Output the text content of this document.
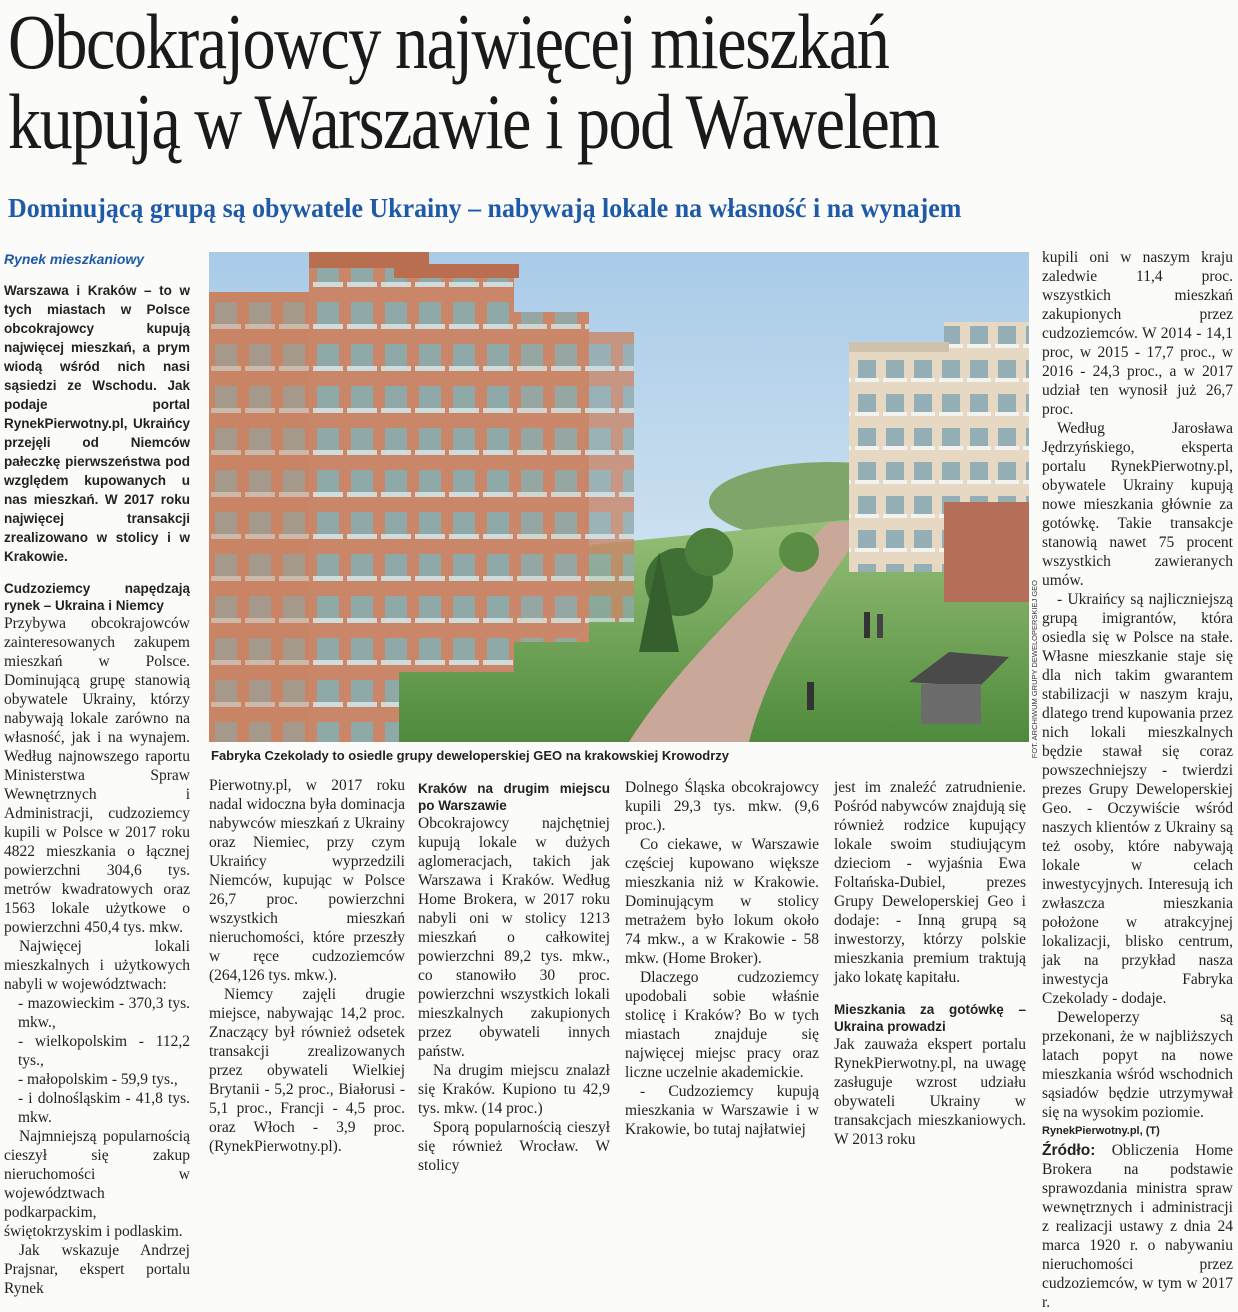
Obcokrajowcy najwięcej mieszkań
kupują w Warszawie i pod Wawelem
Dominującą grupą są obywatele Ukrainy – nabywają lokale na własność i na wynajem
Rynek mieszkaniowy

Warszawa i Kraków – to w tych miastach w Polsce obcokrajowcy kupują najwięcej mieszkań, a prym wiodą wśród nich nasi sąsiedzi ze Wschodu. Jak podaje portal RynekPierwotny.pl, Ukraińcy przejęli od Niemców pałeczkę pierwszeństwa pod względem kupowanych u nas mieszkań. W 2017 roku najwięcej transakcji zrealizowano w stolicy i w Krakowie.

Cudzoziemcy napędzają rynek – Ukraina i Niemcy

Przybywa obcokrajowców zainteresowanych zakupem mieszkań w Polsce. Dominującą grupę stanowią obywatele Ukrainy, którzy nabywają lokale zarówno na własność, jak i na wynajem. Według najnowszego raportu Ministerstwa Spraw Wewnętrznych i Administracji, cudzoziemcy kupili w Polsce w 2017 roku 4822 mieszkania o łącznej powierzchni 304,6 tys. metrów kwadratowych oraz 1563 lokale użytkowe o powierzchni 450,4 tys. mkw.

Najwięcej lokali mieszkalnych i użytkowych nabyli w województwach:

- mazowieckim - 370,3 tys. mkw.,

- wielkopolskim - 112,2 tys.,

- małopolskim - 59,9 tys.,

- i dolnośląskim - 41,8 tys. mkw.

Najmniejszą popularnością cieszył się zakup nieruchomości w województwach podkarpackim, świętokrzyskim i podlaskim.

Jak wskazuje Andrzej Prajsnar, ekspert portalu Rynek

FOT. ARCHIWUM GRUPY DEWELOPERSKIEJ GEO
Fabryka Czekolady to osiedle grupy deweloperskiej GEO na krakowskiej Krowodrzy

Pierwotny.pl, w 2017 roku nadal widoczna była dominacja nabywców mieszkań z Ukrainy oraz Niemiec, przy czym Ukraińcy wyprzedzili Niemców, kupując w Polsce 26,7 proc. powierzchni wszystkich mieszkań nieruchomości, które przeszły w ręce cudzoziemców (264,126 tys. mkw.).

Niemcy zajęli drugie miejsce, nabywając 14,2 proc. Znaczący był również odsetek transakcji zrealizowanych przez obywateli Wielkiej Brytanii - 5,2 proc., Białorusi - 5,1 proc., Francji - 4,5 proc. oraz Włoch - 3,9 proc. (RynekPierwotny.pl).

Kraków na drugim miejscu po Warszawie

Obcokrajowcy najchętniej kupują lokale w dużych aglomeracjach, takich jak Warszawa i Kraków. Według Home Brokera, w 2017 roku nabyli oni w stolicy 1213 mieszkań o całkowitej powierzchni 89,2 tys. mkw., co stanowiło 30 proc. powierzchni wszystkich lokali mieszkalnych zakupionych przez obywateli innych państw.

Na drugim miejscu znalazł się Kraków. Kupiono tu 42,9 tys. mkw. (14 proc.)

Sporą popularnością cieszył się również Wrocław. W stolicy

Dolnego Śląska obcokrajowcy kupili 29,3 tys. mkw. (9,6 proc.).

Co ciekawe, w Warszawie częściej kupowano większe mieszkania niż w Krakowie. Dominującym w stolicy metrażem było lokum około 74 mkw., a w Krakowie - 58 mkw. (Home Broker).

Dlaczego cudzoziemcy upodobali sobie właśnie stolicę i Kraków? Bo w tych miastach znajduje się najwięcej miejsc pracy oraz liczne uczelnie akademickie.

- Cudzoziemcy kupują mieszkania w Warszawie i w Krakowie, bo tutaj najłatwiej

jest im znaleźć zatrudnienie. Pośród nabywców znajdują się również rodzice kupujący lokale swoim studiującym dzieciom - wyjaśnia Ewa Foltańska-Dubiel, prezes Grupy Deweloperskiej Geo i dodaje: - Inną grupą są inwestorzy, którzy polskie mieszkania premium traktują jako lokatę kapitału.

Mieszkania za gotówkę – Ukraina prowadzi

Jak zauważa ekspert portalu RynekPierwotny.pl, na uwagę zasługuje wzrost udziału obywateli Ukrainy w transakcjach mieszkaniowych. W 2013 roku

kupili oni w naszym kraju zaledwie 11,4 proc. wszystkich mieszkań zakupionych przez cudzoziemców. W 2014 - 14,1 proc, w 2015 - 17,7 proc., w 2016 - 24,3 proc., a w 2017 udział ten wynosił już 26,7 proc.

Według Jarosława Jędrzyńskiego, eksperta portalu RynekPierwotny.pl, obywatele Ukrainy kupują nowe mieszkania głównie za gotówkę. Takie transakcje stanowią nawet 75 procent wszystkich zawieranych umów.

- Ukraińcy są najliczniejszą grupą imigrantów, która osiedla się w Polsce na stałe. Własne mieszkanie staje się dla nich takim gwarantem stabilizacji w naszym kraju, dlatego trend kupowania przez nich lokali mieszkalnych będzie stawał się coraz powszechniejszy - twierdzi prezes Grupy Deweloperskiej Geo. - Oczywiście wśród naszych klientów z Ukrainy są też osoby, które nabywają lokale w celach inwestycyjnych. Interesują ich zwłaszcza mieszkania położone w atrakcyjnej lokalizacji, blisko centrum, jak na przykład nasza inwestycja Fabryka Czekolady - dodaje.

Deweloperzy są przekonani, że w najbliższych latach popyt na nowe mieszkania wśród wschodnich sąsiadów będzie utrzymywał się na wysokim poziomie.

RynekPierwotny.pl, (T)

Źródło: Obliczenia Home Brokera na podstawie sprawozdania ministra spraw wewnętrznych i administracji z realizacji ustawy z dnia 24 marca 1920 r. o nabywaniu nieruchomości przez cudzoziemców, w tym w 2017 r.
